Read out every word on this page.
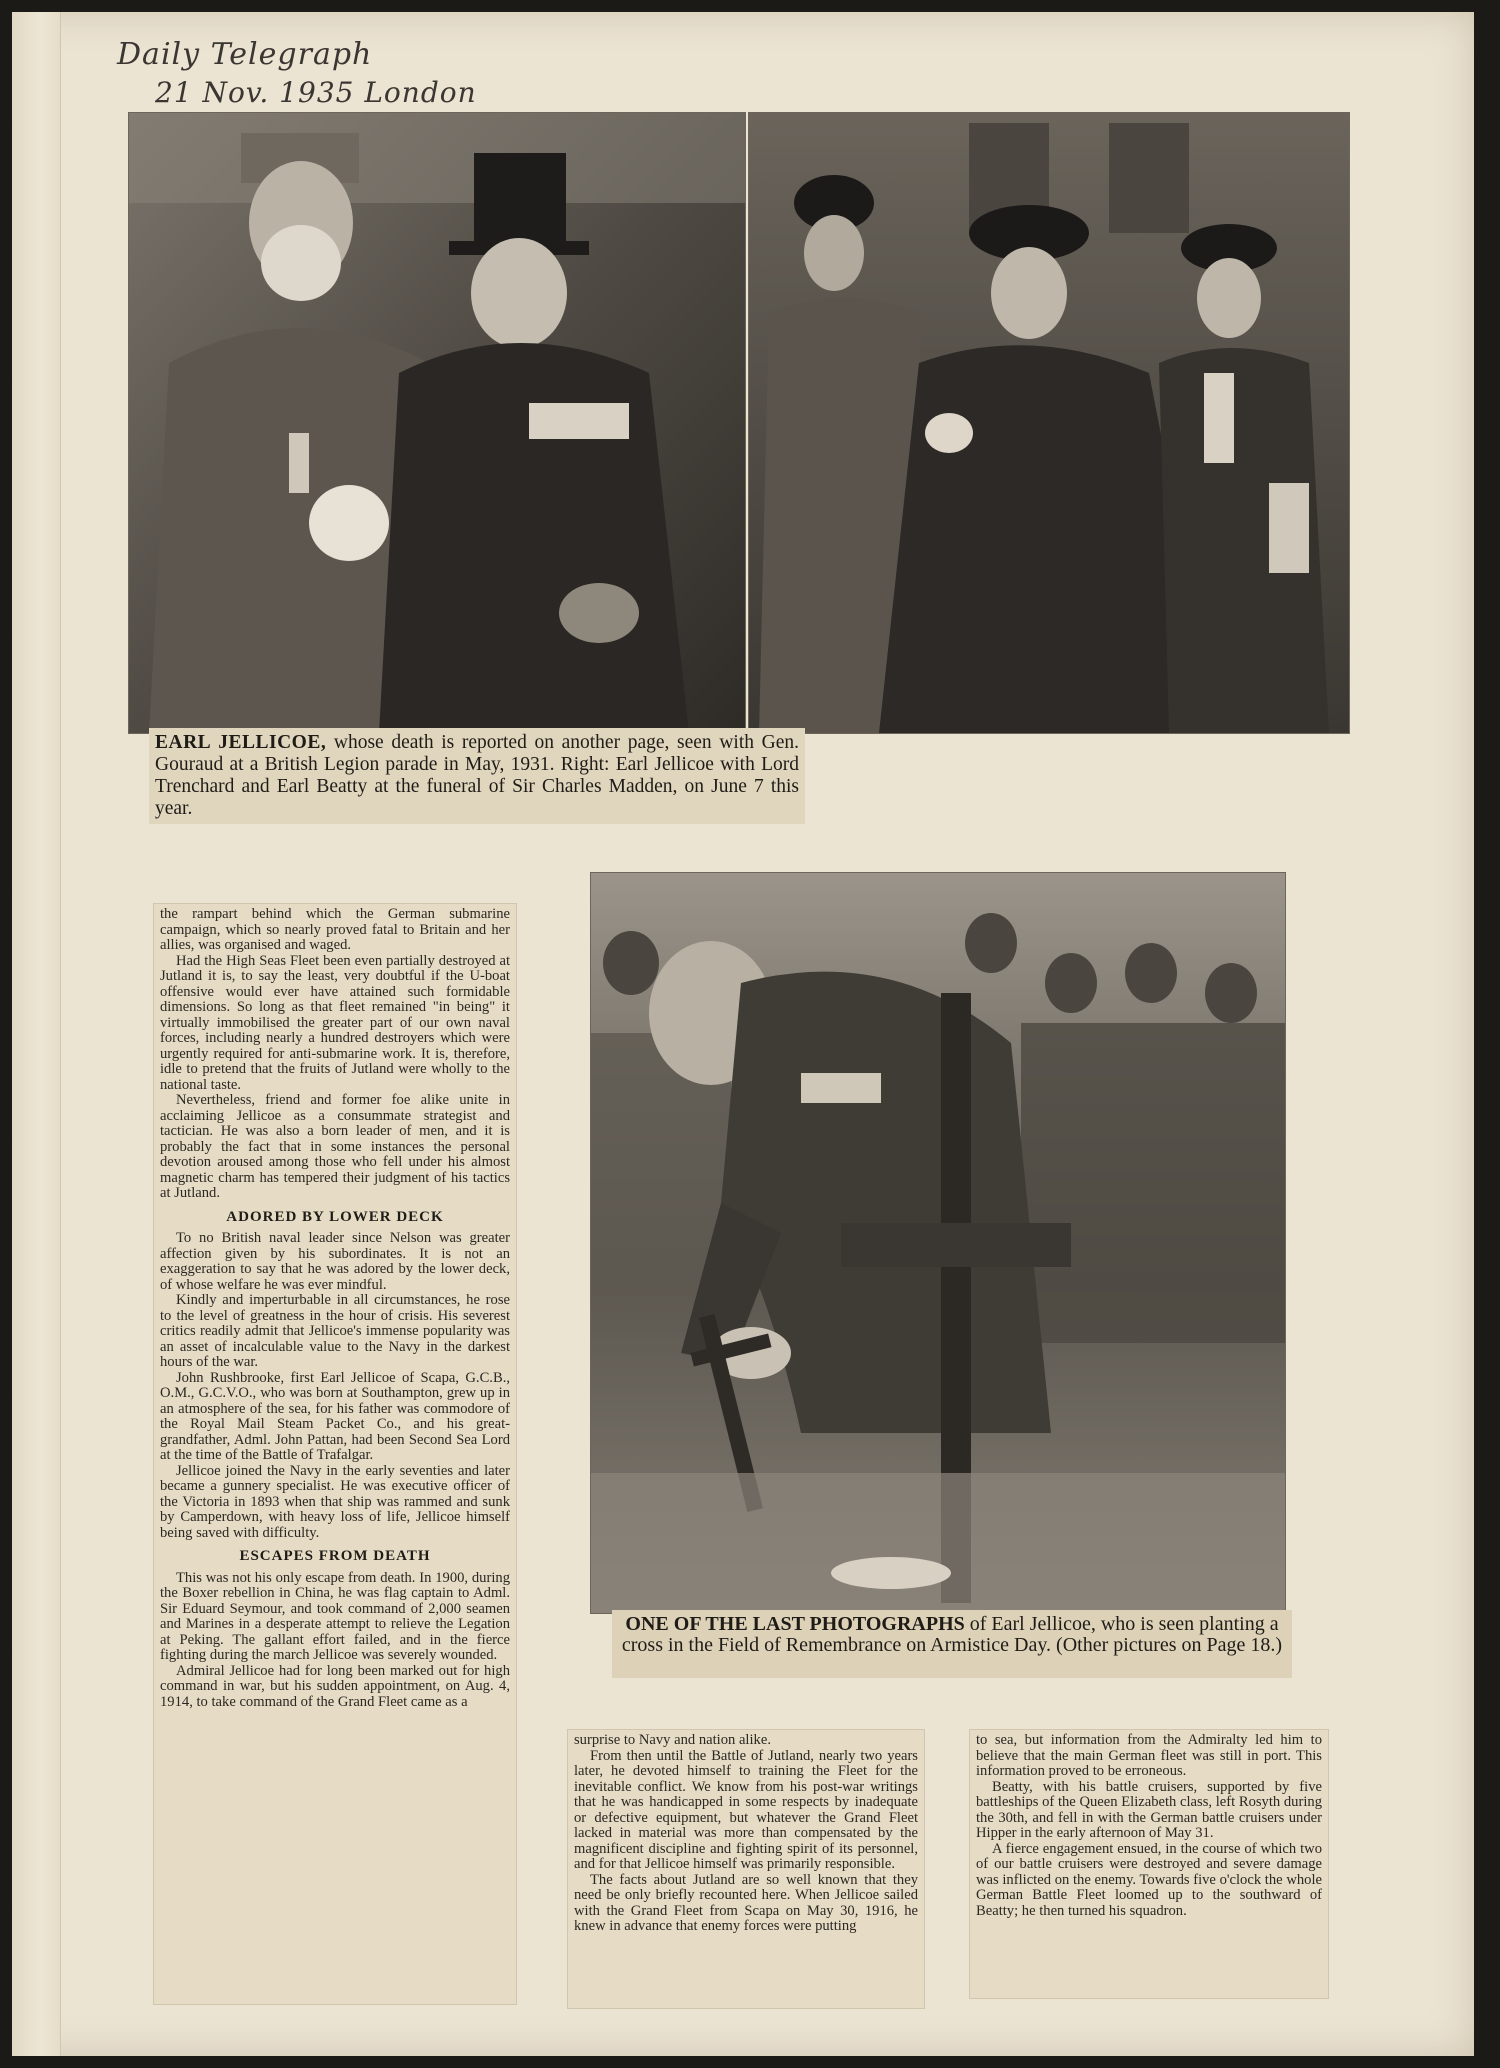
Daily Telegraph
21 Nov. 1935 London
EARL JELLICOE, whose death is reported on another page, seen with Gen. Gouraud at a British Legion parade in May, 1931. Right: Earl Jellicoe with Lord Trenchard and Earl Beatty at the funeral of Sir Charles Madden, on June 7 this year.

the rampart behind which the German submarine campaign, which so nearly proved fatal to Britain and her allies, was organised and waged.

Had the High Seas Fleet been even partially destroyed at Jutland it is, to say the least, very doubtful if the U-boat offensive would ever have attained such formidable dimensions. So long as that fleet remained "in being" it virtually immobilised the greater part of our own naval forces, including nearly a hundred destroyers which were urgently required for anti-submarine work. It is, therefore, idle to pretend that the fruits of Jutland were wholly to the national taste.

Nevertheless, friend and former foe alike unite in acclaiming Jellicoe as a consummate strategist and tactician. He was also a born leader of men, and it is probably the fact that in some instances the personal devotion aroused among those who fell under his almost magnetic charm has tempered their judgment of his tactics at Jutland.

ADORED BY LOWER DECK

To no British naval leader since Nelson was greater affection given by his subordinates. It is not an exaggeration to say that he was adored by the lower deck, of whose welfare he was ever mindful.

Kindly and imperturbable in all circumstances, he rose to the level of greatness in the hour of crisis. His severest critics readily admit that Jellicoe's immense popularity was an asset of incalculable value to the Navy in the darkest hours of the war.

John Rushbrooke, first Earl Jellicoe of Scapa, G.C.B., O.M., G.C.V.O., who was born at Southampton, grew up in an atmosphere of the sea, for his father was commodore of the Royal Mail Steam Packet Co., and his great-grandfather, Adml. John Pattan, had been Second Sea Lord at the time of the Battle of Trafalgar.

Jellicoe joined the Navy in the early seventies and later became a gunnery specialist. He was executive officer of the Victoria in 1893 when that ship was rammed and sunk by Camperdown, with heavy loss of life, Jellicoe himself being saved with difficulty.

ESCAPES FROM DEATH

This was not his only escape from death. In 1900, during the Boxer rebellion in China, he was flag captain to Adml. Sir Eduard Seymour, and took command of 2,000 seamen and Marines in a desperate attempt to relieve the Legation at Peking. The gallant effort failed, and in the fierce fighting during the march Jellicoe was severely wounded.

Admiral Jellicoe had for long been marked out for high command in war, but his sudden appointment, on Aug. 4, 1914, to take command of the Grand Fleet came as a

ONE OF THE LAST PHOTOGRAPHS of Earl Jellicoe, who is seen planting a cross in the Field of Remembrance on Armistice Day. (Other pictures on Page 18.)

surprise to Navy and nation alike.

From then until the Battle of Jutland, nearly two years later, he devoted himself to training the Fleet for the inevitable conflict. We know from his post-war writings that he was handicapped in some respects by inadequate or defective equipment, but whatever the Grand Fleet lacked in material was more than compensated by the magnificent discipline and fighting spirit of its personnel, and for that Jellicoe himself was primarily responsible.

The facts about Jutland are so well known that they need be only briefly recounted here. When Jellicoe sailed with the Grand Fleet from Scapa on May 30, 1916, he knew in advance that enemy forces were putting

to sea, but information from the Admiralty led him to believe that the main German fleet was still in port. This information proved to be erroneous.

Beatty, with his battle cruisers, supported by five battleships of the Queen Elizabeth class, left Rosyth during the 30th, and fell in with the German battle cruisers under Hipper in the early afternoon of May 31.

A fierce engagement ensued, in the course of which two of our battle cruisers were destroyed and severe damage was inflicted on the enemy. Towards five o'clock the whole German Battle Fleet loomed up to the southward of Beatty; he then turned his squadron.
